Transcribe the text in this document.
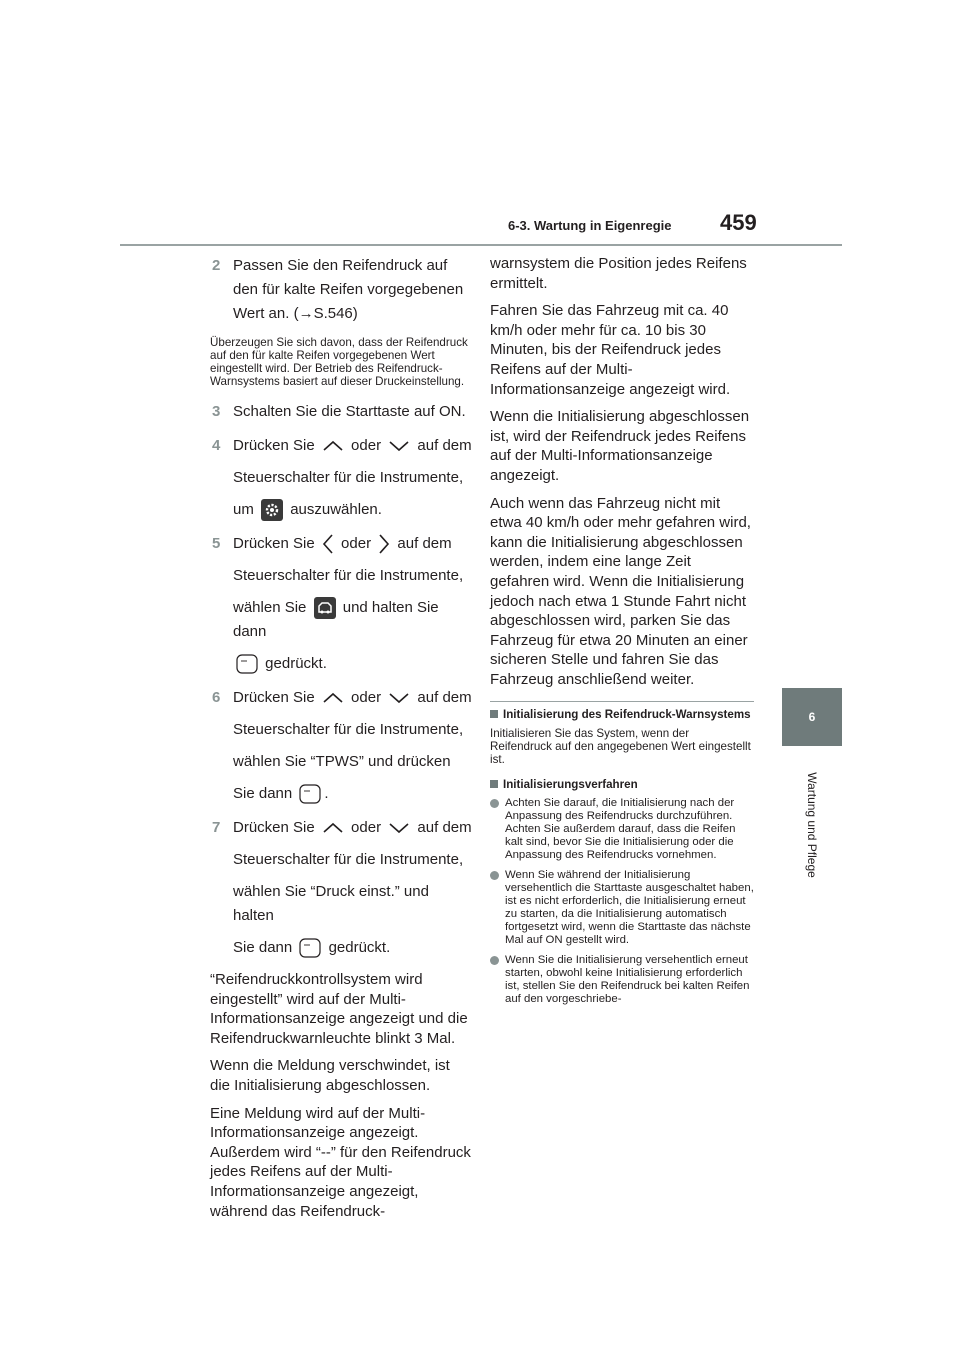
6-3. Wartung in Eigenregie 459
6
Wartung und Pflege
2 Passen Sie den Reifendruck auf

den für kalte Reifen vorgegebenen

Wert an. (→S.546)

Überzeugen Sie sich davon, dass der Reifendruck auf den für kalte Reifen vorgegebenen Wert eingestellt wird. Der Betrieb des Reifendruck-Warnsystems basiert auf dieser Druckeinstellung.

3 Schalten Sie die Starttaste auf ON.

4 Drücken Sie oder auf dem

Steuerschalter für die Instrumente,

um auszuwählen.

5 Drücken Sie oder auf dem

Steuerschalter für die Instrumente,

wählen Sie und halten Sie dann

gedrückt.

6 Drücken Sie oder auf dem

Steuerschalter für die Instrumente,

wählen Sie “TPWS” und drücken

Sie dann .

7 Drücken Sie oder auf dem

Steuerschalter für die Instrumente,

wählen Sie “Druck einst.” und halten

Sie dann gedrückt.

“Reifendruckkontrollsystem wird eingestellt” wird auf der Multi-Informationsanzeige angezeigt und die Reifendruckwarnleuchte blinkt 3 Mal.

Wenn die Meldung verschwindet, ist die Initialisierung abgeschlossen.

Eine Meldung wird auf der Multi-Informationsanzeige angezeigt. Außerdem wird “--” für den Reifendruck jedes Reifens auf der Multi-Informationsanzeige angezeigt, während das Reifendruck-

warnsystem die Position jedes Reifens ermittelt.

Fahren Sie das Fahrzeug mit ca. 40 km/h oder mehr für ca. 10 bis 30 Minuten, bis der Reifendruck jedes Reifens auf der Multi-Informationsanzeige angezeigt wird.

Wenn die Initialisierung abgeschlossen ist, wird der Reifendruck jedes Reifens auf der Multi-Informationsanzeige angezeigt.

Auch wenn das Fahrzeug nicht mit etwa 40 km/h oder mehr gefahren wird, kann die Initialisierung abgeschlossen werden, indem eine lange Zeit gefahren wird. Wenn die Initialisierung jedoch nach etwa 1 Stunde Fahrt nicht abgeschlossen wird, parken Sie das Fahrzeug für etwa 20 Minuten an einer sicheren Stelle und fahren Sie das Fahrzeug anschließend weiter.

Initialisierung des Reifendruck-Warnsystems

Initialisieren Sie das System, wenn der Reifendruck auf den angegebenen Wert eingestellt ist.

Initialisierungsverfahren
Achten Sie darauf, die Initialisierung nach der Anpassung des Reifendrucks durchzuführen.
Achten Sie außerdem darauf, dass die Reifen kalt sind, bevor Sie die Initialisierung oder die Anpassung des Reifendrucks vornehmen.
Wenn Sie während der Initialisierung versehentlich die Starttaste ausgeschaltet haben, ist es nicht erforderlich, die Initialisierung erneut zu starten, da die Initialisierung automatisch fortgesetzt wird, wenn die Starttaste das nächste Mal auf ON gestellt wird.
Wenn Sie die Initialisierung versehentlich erneut starten, obwohl keine Initialisierung erforderlich ist, stellen Sie den Reifendruck bei kalten Reifen auf den vorgeschriebe-
